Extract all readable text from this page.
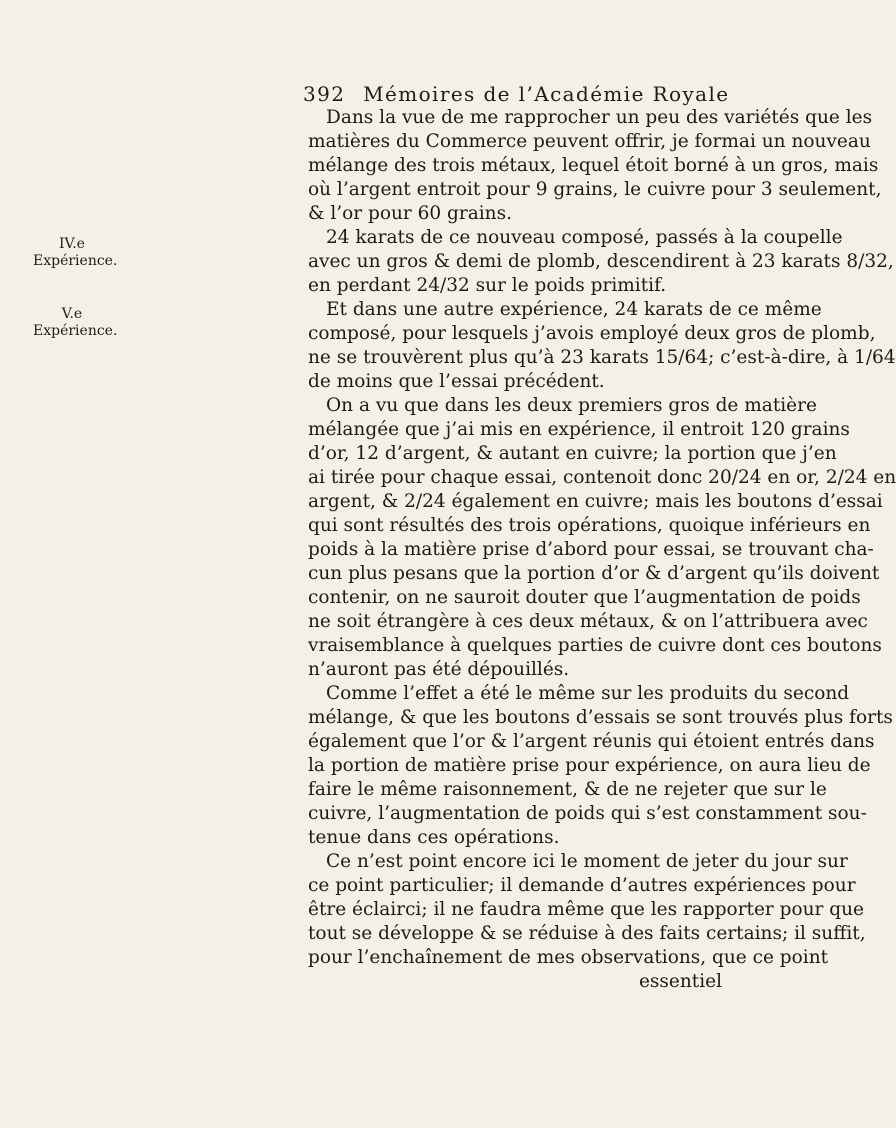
392 Mémoires de l’Académie Royale
IV.e
Expérience.
V.e
Expérience.
Dans la vue de me rapprocher un peu des variétés que les
matières du Commerce peuvent offrir, je formai un nouveau
mélange des trois métaux, lequel étoit borné à un gros, mais
où l’argent entroit pour 9 grains, le cuivre pour 3 seulement,
& l’or pour 60 grains.
24 karats de ce nouveau composé, passés à la coupelle
avec un gros & demi de plomb, descendirent à 23 karats 8/32,
en perdant 24/32 sur le poids primitif.
Et dans une autre expérience, 24 karats de ce même
composé, pour lesquels j’avois employé deux gros de plomb,
ne se trouvèrent plus qu’à 23 karats 15/64; c’est-à-dire, à 1/64
de moins que l’essai précédent.
On a vu que dans les deux premiers gros de matière
mélangée que j’ai mis en expérience, il entroit 120 grains
d’or, 12 d’argent, & autant en cuivre; la portion que j’en
ai tirée pour chaque essai, contenoit donc 20/24 en or, 2/24 en
argent, & 2/24 également en cuivre; mais les boutons d’essai
qui sont résultés des trois opérations, quoique inférieurs en
poids à la matière prise d’abord pour essai, se trouvant cha-
cun plus pesans que la portion d’or & d’argent qu’ils doivent
contenir, on ne sauroit douter que l’augmentation de poids
ne soit étrangère à ces deux métaux, & on l’attribuera avec
vraisemblance à quelques parties de cuivre dont ces boutons
n’auront pas été dépouillés.
Comme l’effet a été le même sur les produits du second
mélange, & que les boutons d’essais se sont trouvés plus forts
également que l’or & l’argent réunis qui étoient entrés dans
la portion de matière prise pour expérience, on aura lieu de
faire le même raisonnement, & de ne rejeter que sur le
cuivre, l’augmentation de poids qui s’est constamment sou-
tenue dans ces opérations.
Ce n’est point encore ici le moment de jeter du jour sur
ce point particulier; il demande d’autres expériences pour
être éclairci; il ne faudra même que les rapporter pour que
tout se développe & se réduise à des faits certains; il suffit,
pour l’enchaînement de mes observations, que ce point
essentiel
